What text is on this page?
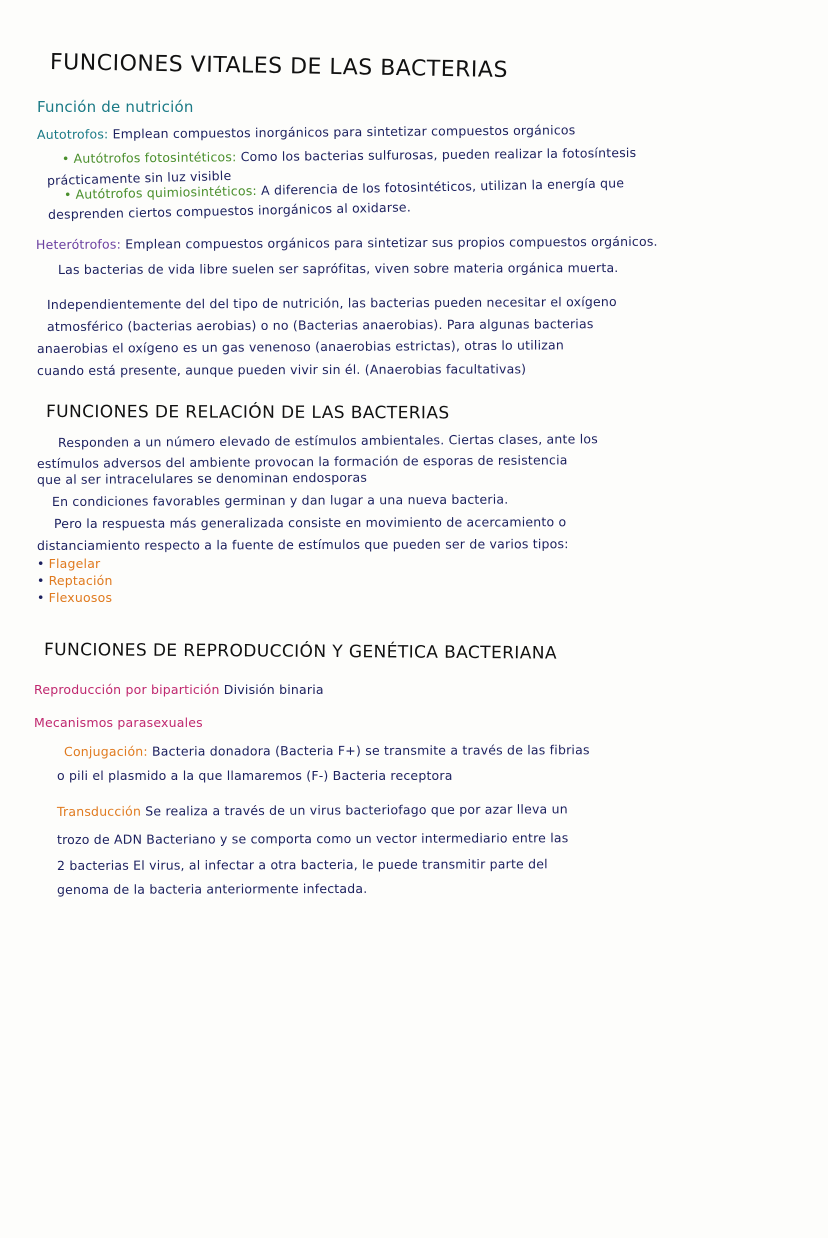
FUNCIONES VITALES DE LAS BACTERIAS
Función de nutrición
Autotrofos: Emplean compuestos inorgánicos para sintetizar compuestos orgánicos
• Autótrofos fotosintéticos: Como los bacterias sulfurosas, pueden realizar la fotosíntesis
prácticamente sin luz visible
• Autótrofos quimiosintéticos: A diferencia de los fotosintéticos, utilizan la energía que
desprenden ciertos compuestos inorgánicos al oxidarse.
Heterótrofos: Emplean compuestos orgánicos para sintetizar sus propios compuestos orgánicos.
Las bacterias de vida libre suelen ser saprófitas, viven sobre materia orgánica muerta.
Independientemente del del tipo de nutrición, las bacterias pueden necesitar el oxígeno
atmosférico (bacterias aerobias) o no (Bacterias anaerobias). Para algunas bacterias
anaerobias el oxígeno es un gas venenoso (anaerobias estrictas), otras lo utilizan
cuando está presente, aunque pueden vivir sin él. (Anaerobias facultativas)
FUNCIONES DE RELACIÓN DE LAS BACTERIAS
Responden a un número elevado de estímulos ambientales. Ciertas clases, ante los
estímulos adversos del ambiente provocan la formación de esporas de resistencia
que al ser intracelulares se denominan endosporas
En condiciones favorables germinan y dan lugar a una nueva bacteria.
Pero la respuesta más generalizada consiste en movimiento de acercamiento o
distanciamiento respecto a la fuente de estímulos que pueden ser de varios tipos:
• Flagelar
• Reptación
• Flexuosos
FUNCIONES DE REPRODUCCIÓN Y GENÉTICA BACTERIANA
Reproducción por bipartición División binaria
Mecanismos parasexuales
Conjugación: Bacteria donadora (Bacteria F+) se transmite a través de las fibrias
o pili el plasmido a la que llamaremos (F-) Bacteria receptora
Transducción Se realiza a través de un virus bacteriofago que por azar lleva un
trozo de ADN Bacteriano y se comporta como un vector intermediario entre las
2 bacterias El virus, al infectar a otra bacteria, le puede transmitir parte del
genoma de la bacteria anteriormente infectada.
